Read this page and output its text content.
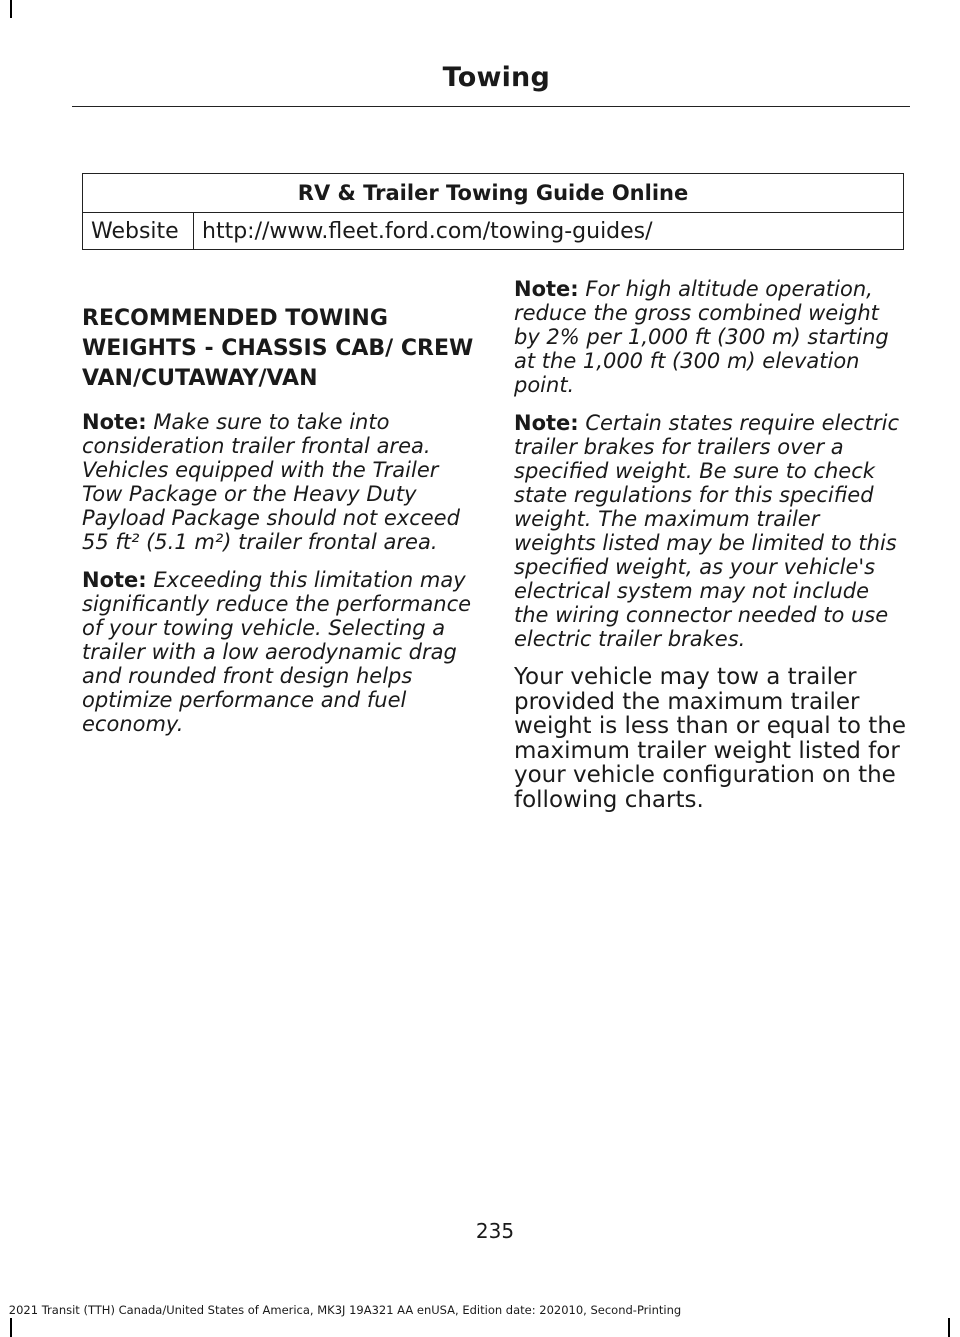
Towing
RV & Trailer Towing Guide Online
Website	http://www.fleet.ford.com/towing-guides/
RECOMMENDED TOWING WEIGHTS - CHASSIS CAB/ CREW VAN/CUTAWAY/VAN

Note: Make sure to take into consideration trailer frontal area. Vehicles equipped with the Trailer Tow Package or the Heavy Duty Payload Package should not exceed 55 ft² (5.1 m²) trailer frontal area.

Note: Exceeding this limitation may significantly reduce the performance of your towing vehicle. Selecting a trailer with a low aerodynamic drag and rounded front design helps optimize performance and fuel economy.

Note: For high altitude operation, reduce the gross combined weight by 2% per 1,000 ft (300 m) starting at the 1,000 ft (300 m) elevation point.

Note: Certain states require electric trailer brakes for trailers over a specified weight. Be sure to check state regulations for this specified weight. The maximum trailer weights listed may be limited to this specified weight, as your vehicle's electrical system may not include the wiring connector needed to use electric trailer brakes.

Your vehicle may tow a trailer provided the maximum trailer weight is less than or equal to the maximum trailer weight listed for your vehicle configuration on the following charts.

235
2021 Transit (TTH) Canada/United States of America, MK3J 19A321 AA enUSA, Edition date: 202010, Second-Printing
